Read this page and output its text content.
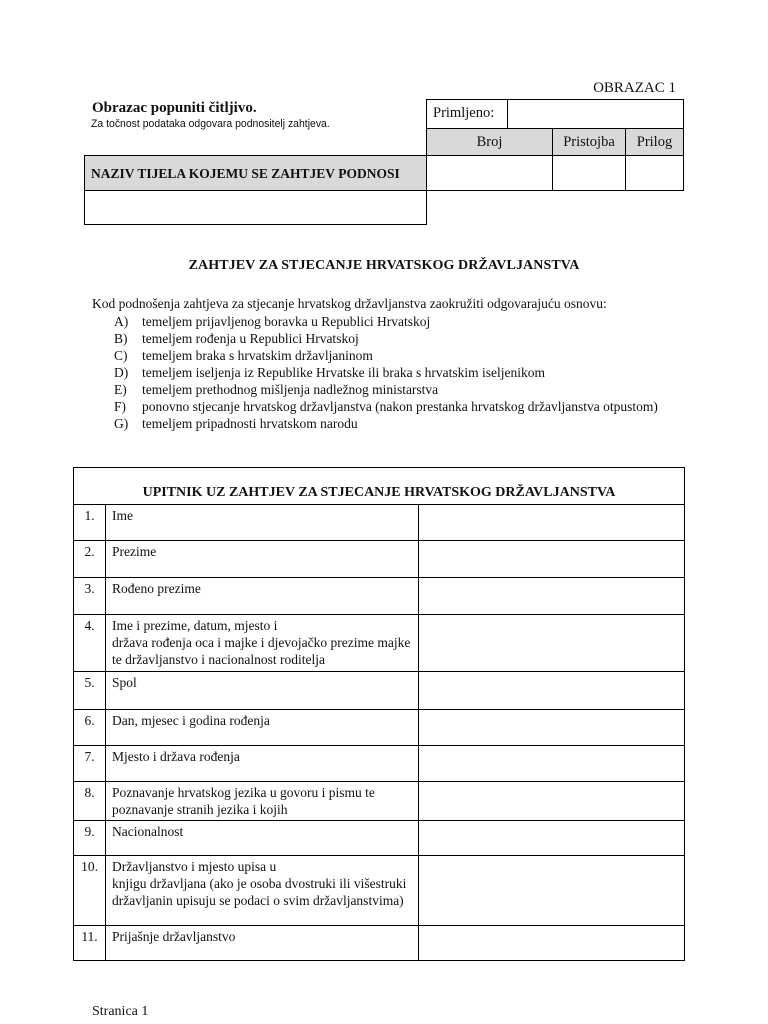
OBRAZAC 1
Obrazac popuniti čitljivo.
Za točnost podataka odgovara podnositelj zahtjeva.
Primljeno:
Broj	Pristojba	Prilog
NAZIV TIJELA KOJEMU SE ZAHTJEV PODNOSI
ZAHTJEV ZA STJECANJE HRVATSKOG DRŽAVLJANSTVA
Kod podnošenja zahtjeva za stjecanje hrvatskog državljanstva zaokružiti odgovarajuću osnovu:
A)	temeljem prijavljenog boravka u Republici Hrvatskoj
B)	temeljem rođenja u Republici Hrvatskoj
C)	temeljem braka s hrvatskim državljaninom
D)	temeljem iseljenja iz Republike Hrvatske ili braka s hrvatskim iseljenikom
E)	temeljem prethodnog mišljenja nadležnog ministarstva
F)	ponovno stjecanje hrvatskog državljanstva (nakon prestanka hrvatskog državljanstva otpustom)
G)	temeljem pripadnosti hrvatskom narodu
UPITNIK UZ ZAHTJEV ZA STJECANJE HRVATSKOG DRŽAVLJANSTVA		
1.	Ime	
2.	Prezime	
3.	Rođeno prezime	
4.	Ime i prezime, datum, mjesto i
država rođenja oca i majke i djevojačko prezime majke te državljanstvo i nacionalnost roditelja	
5.	Spol	
6.	Dan, mjesec i godina rođenja	
7.	Mjesto i država rođenja	
8.	Poznavanje hrvatskog jezika u govoru i pismu te poznavanje stranih jezika i kojih	
9.	Nacionalnost	
10.	Državljanstvo i mjesto upisa u
knjigu državljana (ako je osoba dvostruki ili višestruki državljanin upisuju se podaci o svim državljanstvima)	
11.	Prijašnje državljanstvo	
Stranica 1
